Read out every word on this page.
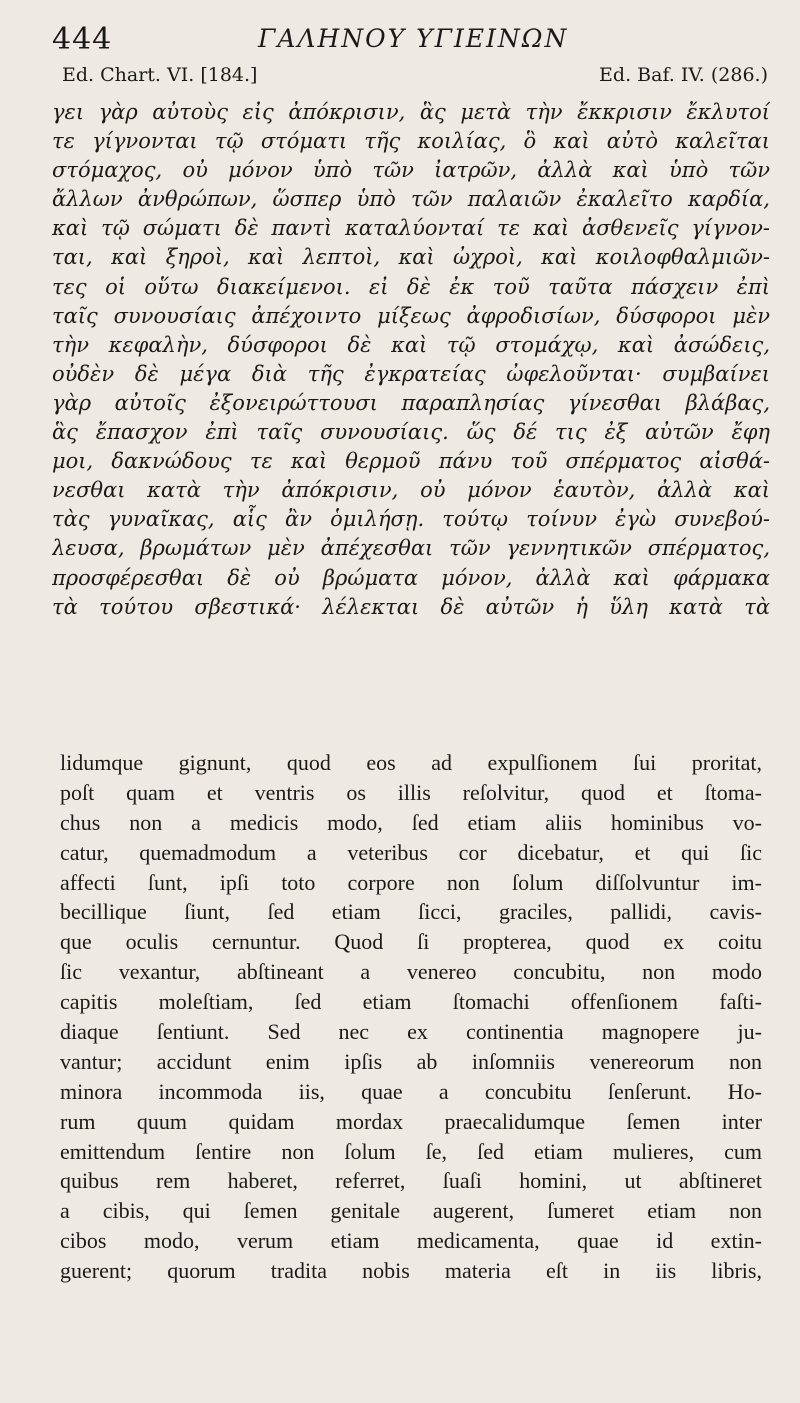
444	ΓΑΛΗΝΟΥ ΥΓΙΕΙΝΩΝ
Ed. Chart. VI. [184.]	Ed. Baf. IV. (286.)
γει γὰρ αὐτοὺς εἰς ἀπόκρισιν, ἃς μετὰ τὴν ἔκκρισιν ἔκλυτοί
τε γίγνονται τῷ στόματι τῆς κοιλίας, ὃ καὶ αὐτὸ καλεῖται
στόμαχος, οὐ μόνον ὑπὸ τῶν ἰατρῶν, ἀλλὰ καὶ ὑπὸ τῶν
ἄλλων ἀνθρώπων, ὥσπερ ὑπὸ τῶν παλαιῶν ἐκαλεῖτο καρδία,
καὶ τῷ σώματι δὲ παντὶ καταλύονταί τε καὶ ἀσθενεῖς γίγνον-
ται, καὶ ξηροὶ, καὶ λεπτοὶ, καὶ ὠχροὶ, καὶ κοιλοφθαλμιῶν-
τες οἱ οὕτω διακείμενοι. εἰ δὲ ἐκ τοῦ ταῦτα πάσχειν ἐπὶ
ταῖς συνουσίαις ἀπέχοιντο μίξεως ἀφροδισίων, δύσφοροι μὲν
τὴν κεφαλὴν, δύσφοροι δὲ καὶ τῷ στομάχῳ, καὶ ἀσώδεις,
οὐδὲν δὲ μέγα διὰ τῆς ἐγκρατείας ὠφελοῦνται· συμβαίνει
γὰρ αὐτοῖς ἐξονειρώττουσι παραπλησίας γίνεσθαι βλάβας,
ἃς ἔπασχον ἐπὶ ταῖς συνουσίαις. ὥς δέ τις ἐξ αὐτῶν ἔφη
μοι, δακνώδους τε καὶ θερμοῦ πάνυ τοῦ σπέρματος αἰσθά-
νεσθαι κατὰ τὴν ἀπόκρισιν, οὐ μόνον ἑαυτὸν, ἀλλὰ καὶ
τὰς γυναῖκας, αἷς ἂν ὁμιλήσῃ. τούτῳ τοίνυν ἐγὼ συνεβού-
λευσα, βρωμάτων μὲν ἀπέχεσθαι τῶν γεννητικῶν σπέρματος,
προσφέρεσθαι δὲ οὐ βρώματα μόνον, ἀλλὰ καὶ φάρμακα
τὰ τούτου σβεστικά· λέλεκται δὲ αὐτῶν ἡ ὕλη κατὰ τὰ
lidumque gignunt, quod eos ad expulſionem ſui proritat,
poſt quam et ventris os illis reſolvitur, quod et ſtoma-
chus non a medicis modo, ſed etiam aliis hominibus vo-
catur, quemadmodum a veteribus cor dicebatur, et qui ſic
affecti ſunt, ipſi toto corpore non ſolum diſſolvuntur im-
becillique ſiunt, ſed etiam ſicci, graciles, pallidi, cavis-
que oculis cernuntur. Quod ſi propterea, quod ex coitu
ſic vexantur, abſtineant a venereo concubitu, non modo
capitis moleſtiam, ſed etiam ſtomachi offenſionem faſti-
diaque ſentiunt. Sed nec ex continentia magnopere ju-
vantur; accidunt enim ipſis ab inſomniis venereorum non
minora incommoda iis, quae a concubitu ſenſerunt. Ho-
rum quum quidam mordax praecalidumque ſemen inter
emittendum ſentire non ſolum ſe, ſed etiam mulieres, cum
quibus rem haberet, referret, ſuaſi homini, ut abſtineret
a cibis, qui ſemen genitale augerent, ſumeret etiam non
cibos modo, verum etiam medicamenta, quae id extin-
guerent; quorum tradita nobis materia eſt in iis libris,
